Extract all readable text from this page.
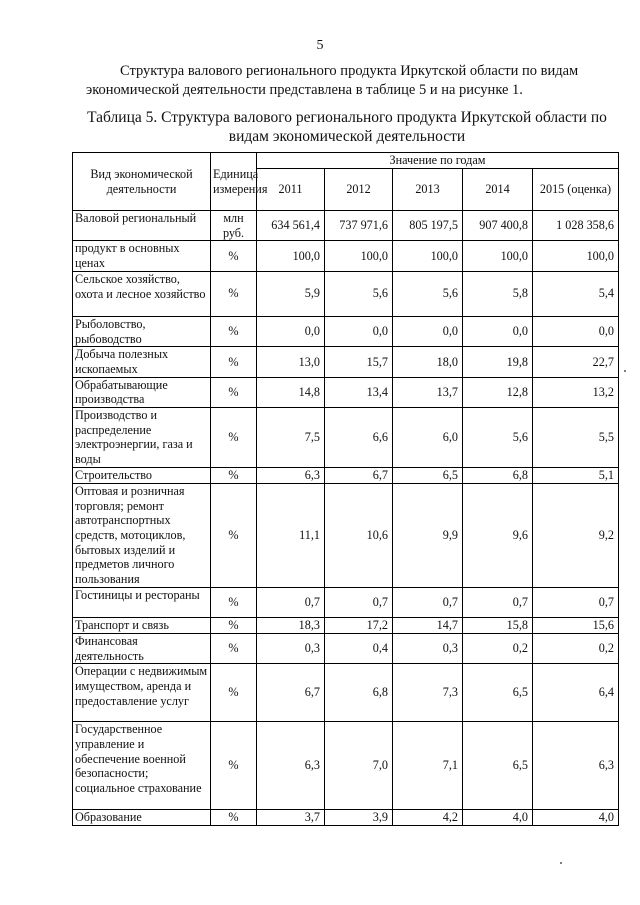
5

Структура валового регионального продукта Иркутской области по видам экономической деятельности представлена в таблице 5 и на рисунке 1.

Таблица 5. Структура валового регионального продукта Иркутской области по видам экономической деятельности
Вид экономической деятельности	Единица измерения	Значение по годам				
		2011	2012	2013	2014	2015 (оценка)
Валовой региональный	млн руб.	634 561,4	737 971,6	805 197,5	907 400,8	1 028 358,6
продукт в основных ценах	%	100,0	100,0	100,0	100,0	100,0
Сельское хозяйство, охота и лесное хозяйство	%	5,9	5,6	5,6	5,8	5,4
Рыболовство, рыбоводство	%	0,0	0,0	0,0	0,0	0,0
Добыча полезных ископаемых	%	13,0	15,7	18,0	19,8	22,7
Обрабатывающие производства	%	14,8	13,4	13,7	12,8	13,2
Производство и распределение электроэнергии, газа и воды	%	7,5	6,6	6,0	5,6	5,5
Строительство	%	6,3	6,7	6,5	6,8	5,1
Оптовая и розничная торговля; ремонт автотранспортных средств, мотоциклов, бытовых изделий и предметов личного пользования	%	11,1	10,6	9,9	9,6	9,2
Гостиницы и рестораны	%	0,7	0,7	0,7	0,7	0,7
Транспорт и связь	%	18,3	17,2	14,7	15,8	15,6
Финансовая деятельность	%	0,3	0,4	0,3	0,2	0,2
Операции с недвижимым имуществом, аренда и предоставление услуг	%	6,7	6,8	7,3	6,5	6,4
Государственное управление и обеспечение военной безопасности; социальное страхование	%	6,3	7,0	7,1	6,5	6,3
Образование	%	3,7	3,9	4,2	4,0	4,0
